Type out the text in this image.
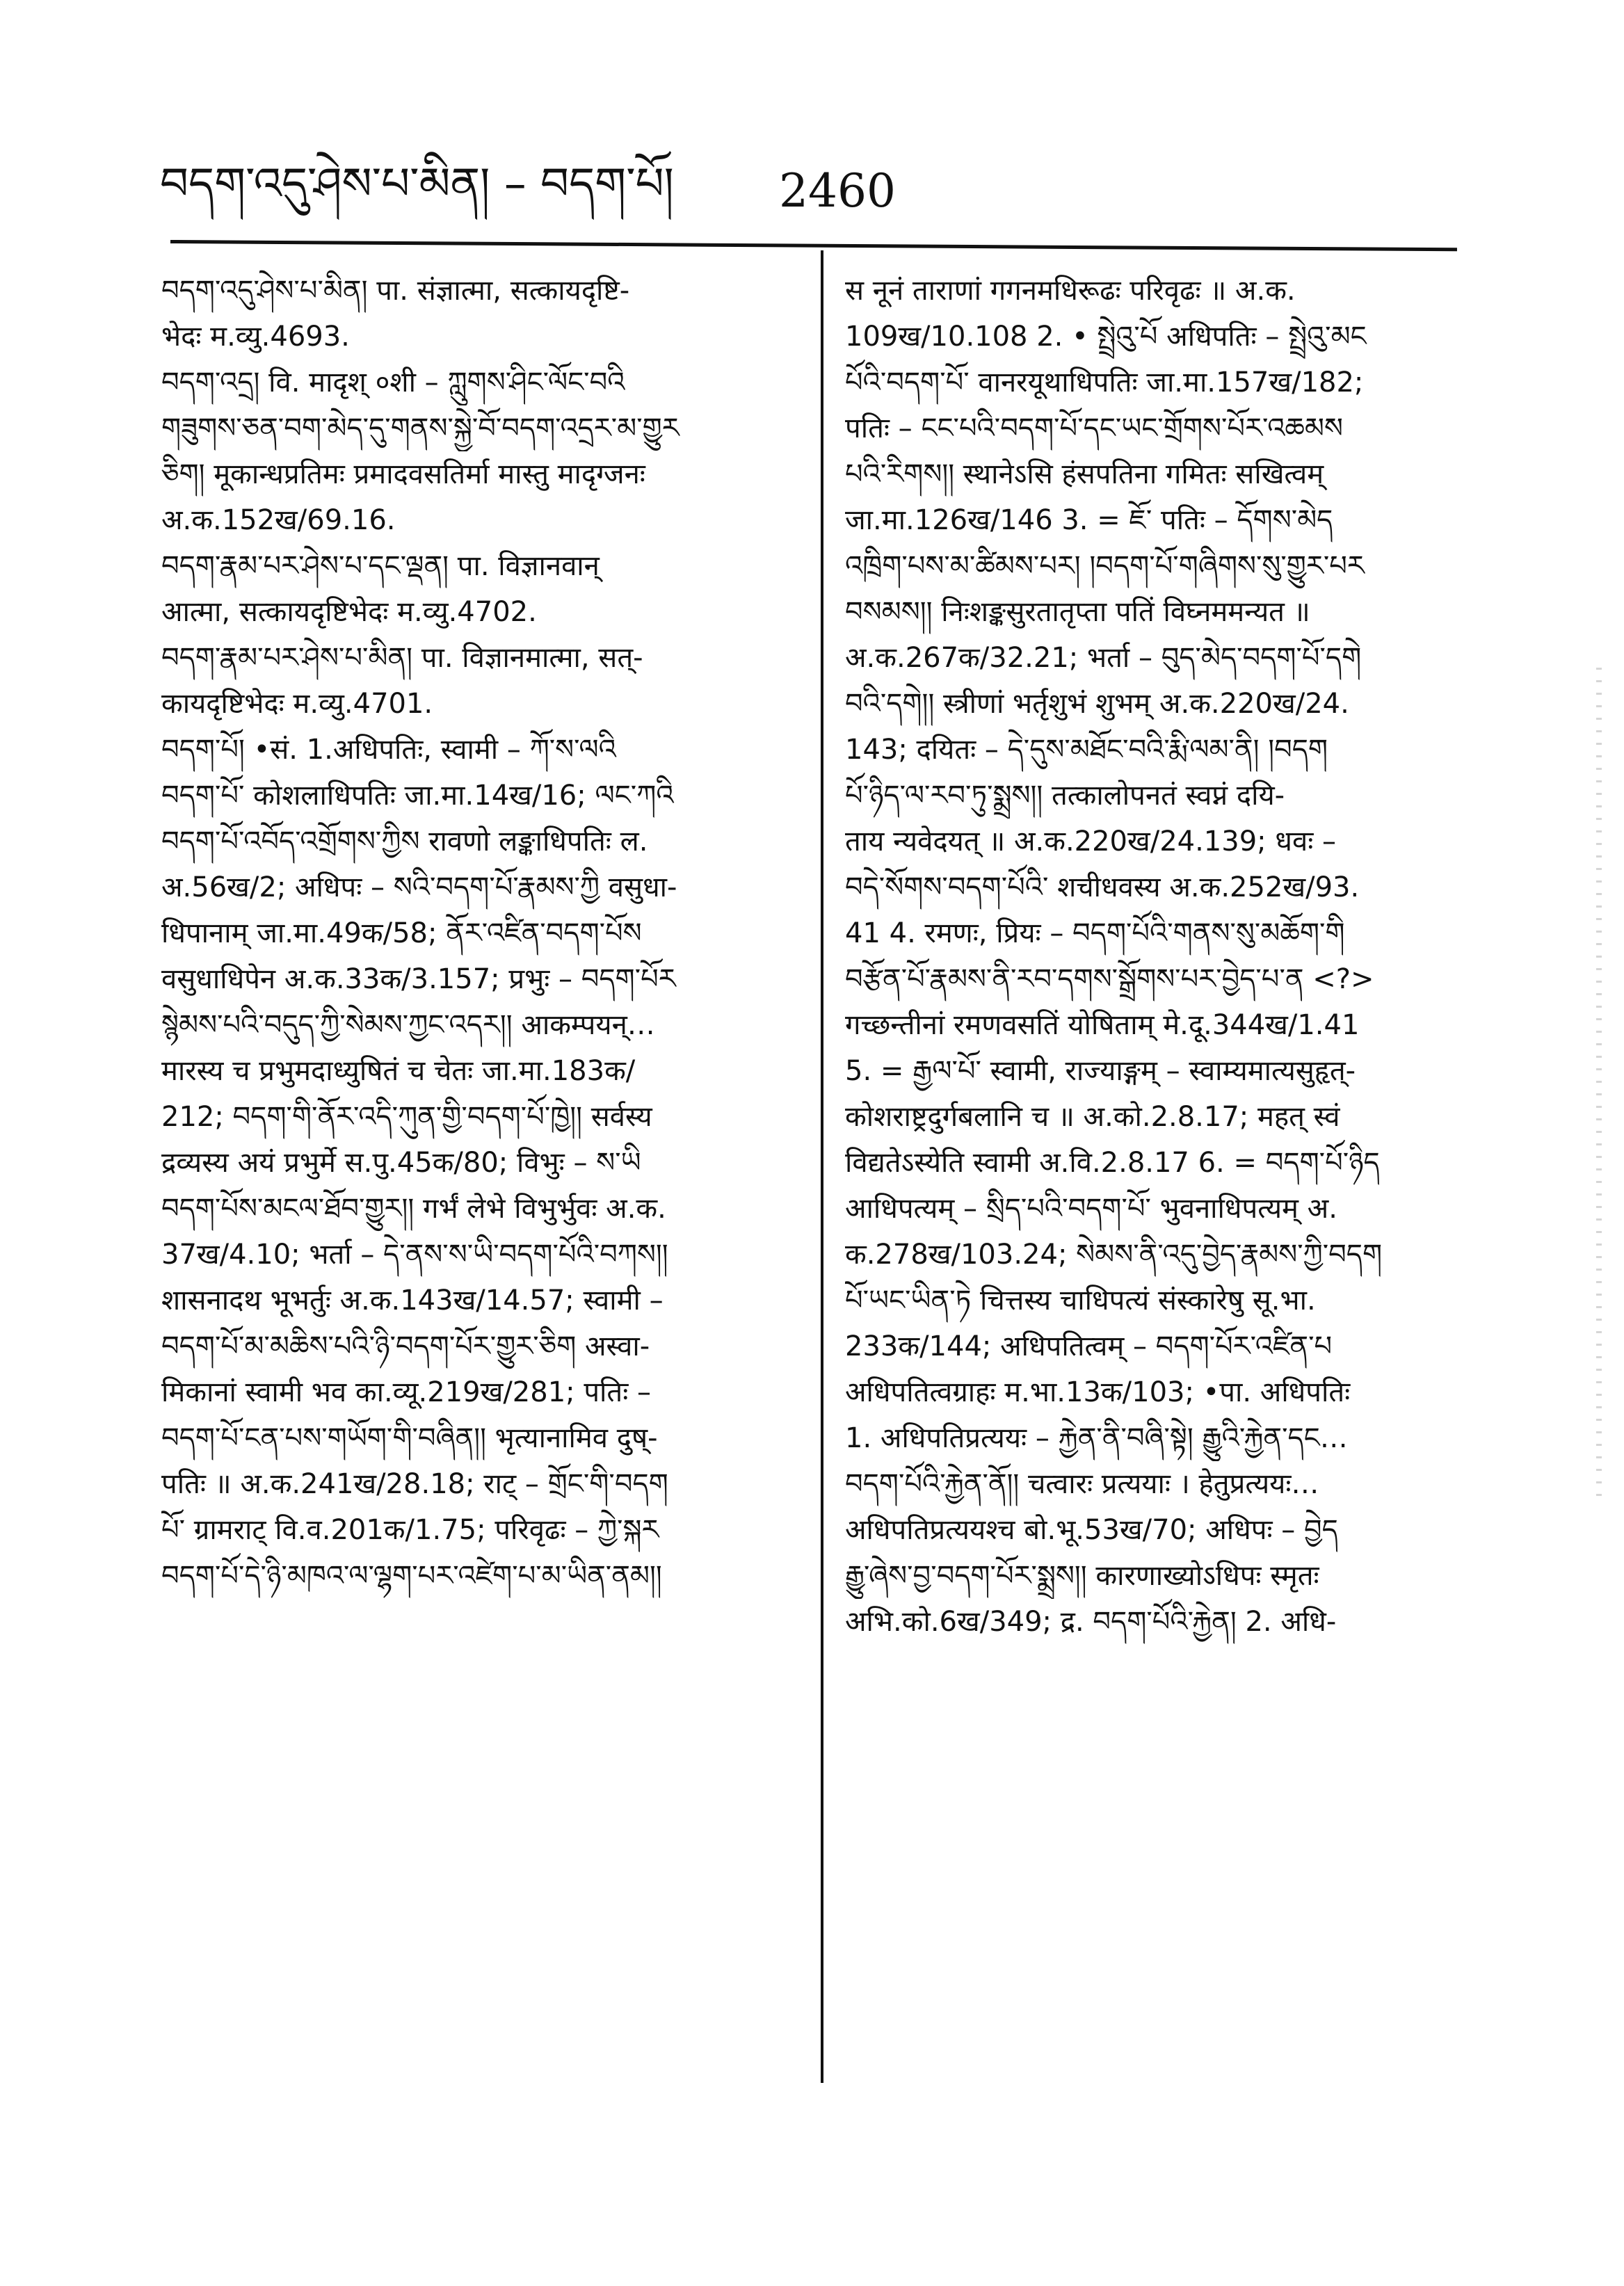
བདག་འདུ་ཤེས་པ་མིན། – བདག་པོ། 2460
བདག་འདུ་ཤེས་པ་མིན། पा. संज्ञात्मा, सत्कायदृष्टि-
भेदः म.व्यु.4693.
བདག་འདྲ། वि. मादृश् ०शी – ཀླུགས་ཤིང་ལོང་བའི
གཟུགས་ཅན་བག་མེད་དུ་གནས་སྐྱེ་བོ་བདག་འདྲར་མ་གྱུར
ཅིག། मूकान्धप्रतिमः प्रमादवसतिर्मा मास्तु मादृग्जनः
अ.क.152ख/69.16.
བདག་རྣམ་པར་ཤེས་པ་དང་ལྡན། पा. विज्ञानवान्
आत्मा, सत्कायदृष्टिभेदः म.व्यु.4702.
བདག་རྣམ་པར་ཤེས་པ་མིན། पा. विज्ञानमात्मा, सत्-
कायदृष्टिभेदः म.व्यु.4701.
བདག་པོ། •सं. 1.अधिपतिः, स्वामी – ཀོ་ས་ལའི
བདག་པོ་ कोशलाधिपतिः जा.मा.14ख/16; ལང་ཀའི
བདག་པོ་འབོད་འགྲོགས་ཀྱིས रावणो लङ्काधिपतिः ल.
अ.56ख/2; अधिपः – སའི་བདག་པོ་རྣམས་ཀྱི वसुधा-
धिपानाम् जा.मा.49क/58; ནོར་འཛིན་བདག་པོས
वसुधाधिपेन अ.क.33क/3.157; प्रभुः – བདག་པོར
སྙེམས་པའི་བདུད་ཀྱི་སེམས་ཀྱང་འདར།། आकम्पयन्…
मारस्य च प्रभुमदाध्युषितं च चेतः जा.मा.183क/
212; བདག་གི་ནོར་འདི་ཀུན་གྱི་བདག་པོ་ཁྱེ།། सर्वस्य
द्रव्यस्य अयं प्रभुर्मे स.पु.45क/80; विभुः – ས་ཡི
བདག་པོས་མངལ་ཐོབ་གྱུར།། गर्भं लेभे विभुर्भुवः अ.क.
37ख/4.10; भर्ता – དེ་ནས་ས་ཡི་བདག་པོའི་བཀས།།
शासनादथ भूभर्तुः अ.क.143ख/14.57; स्वामी –
བདག་པོ་མ་མཆིས་པའི་ཉི་བདག་པོར་གྱུར་ཅིག अस्वा-
मिकानां स्वामी भव का.व्यू.219ख/281; पतिः –
བདག་པོ་ངན་པས་གཡོག་གི་བཞིན།། भृत्यानामिव दुष्-
पतिः ॥ अ.क.241ख/28.18; राट् – གྲོང་གི་བདག
པོ་ ग्रामराट् वि.व.201क/1.75; परिवृढः – ཀྱེ་སྐར
བདག་པོ་དེ་ཉི་མཁའ་ལ་ལྷག་པར་འཛེག་པ་མ་ཡིན་ནམ།།
स नूनं ताराणां गगनमधिरूढः परिवृढः ॥ अ.क.
109ख/10.108 2. • སྤྲེའུ་པོ अधिपतिः – སྤྲེའུ་མང
པོའི་བདག་པོ་ वानरयूथाधिपतिः जा.मा.157ख/182;
पतिः – ངང་པའི་བདག་པོ་དང་ཡང་གྲོགས་པོར་འཆམས
པའི་རིགས།། स्थानेऽसि हंसपतिना गमितः सखित्वम्
जा.मा.126ख/146 3. = ཇོ་ पतिः – དོགས་མེད
འཁྲིག་པས་མ་ཚིམས་པར། །བདག་པོ་གཞིགས་སུ་གྱུར་པར
བསམས།། निःशङ्कसुरतातृप्ता पतिं विघ्नममन्यत ॥
अ.क.267क/32.21; भर्ता – བུད་མེད་བདག་པོ་དགེ
བའི་དགེ།། स्त्रीणां भर्तृशुभं शुभम् अ.क.220ख/24.
143; दयितः – དེ་དུས་མཐོང་བའི་རྨི་ལམ་ནི། །བདག
པོ་ཉིད་ལ་རབ་ཏུ་སྨྲས།། तत्कालोपनतं स्वप्नं दयि-
ताय न्यवेदयत् ॥ अ.क.220ख/24.139; धवः –
བདེ་སོགས་བདག་པོའི་ शचीधवस्य अ.क.252ख/93.
41 4. रमणः, प्रियः – བདག་པོའི་གནས་སུ་མཆོག་གི
བརྩོན་པོ་རྣམས་ནི་རབ་དགས་སྒྲོགས་པར་བྱེད་པ་ན <?>
गच्छन्तीनां रमणवसतिं योषिताम् मे.दू.344ख/1.41
5. = རྒྱལ་པོ་ स्वामी, राज्याङ्गम् – स्वाम्यमात्यसुहृत्-
कोशराष्ट्रदुर्गबलानि च ॥ अ.को.2.8.17; महत् स्वं
विद्यतेऽस्येति स्वामी अ.वि.2.8.17 6. = བདག་པོ་ཉིད
आधिपत्यम् – སྲིད་པའི་བདག་པོ་ भुवनाधिपत्यम् अ.
क.278ख/103.24; སེམས་ནི་འདུ་བྱེད་རྣམས་ཀྱི་བདག
པོ་ཡང་ཡིན་ཏེ चित्तस्य चाधिपत्यं संस्कारेषु सू.भा.
233क/144; अधिपतित्वम् – བདག་པོར་འཛིན་པ
अधिपतित्वग्राहः म.भा.13क/103; •पा. अधिपतिः
1. अधिपतिप्रत्ययः – རྐྱེན་ནི་བཞི་སྟེ། རྒྱུའི་རྐྱེན་དང…
བདག་པོའི་རྐྱེན་ནོ།། चत्वारः प्रत्ययाः । हेतुप्रत्ययः…
अधिपतिप्रत्ययश्च बो.भू.53ख/70; अधिपः – བྱེད
རྒྱུ་ཞེས་བྱ་བདག་པོར་སྨྲས།། कारणाख्योऽधिपः स्मृतः
अभि.को.6ख/349; द्र. བདག་པོའི་རྐྱེན། 2. अधि-
